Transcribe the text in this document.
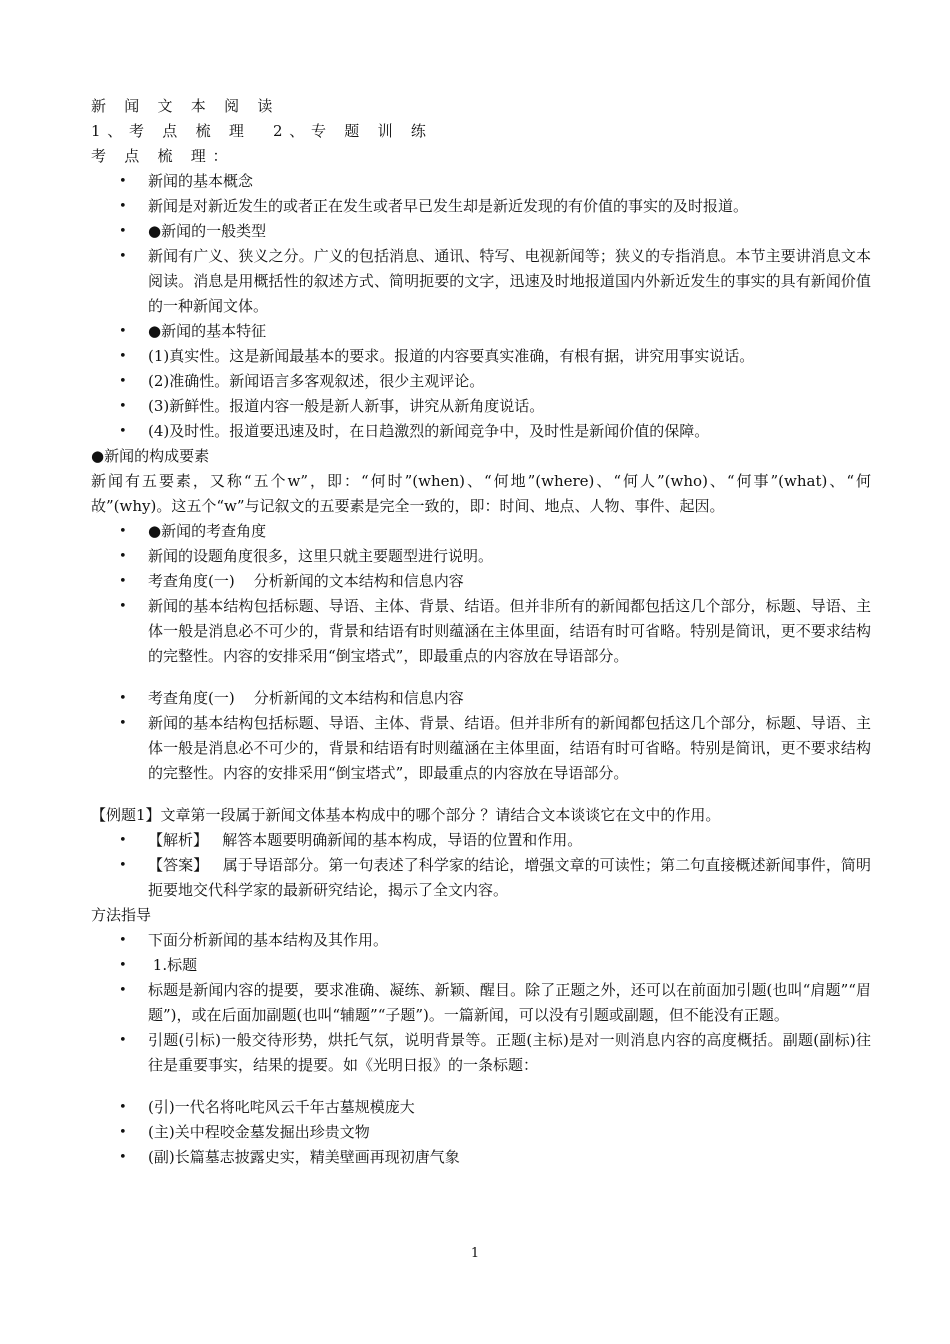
新 闻 文 本 阅 读
1、考 点 梳 理	2、专 题 训 练
考 点 梳 理：
• 新闻的基本概念
• 新闻是对新近发生的或者正在发生或者早已发生却是新近发现的有价值的事实的及时报道。
• ●新闻的一般类型
• 新闻有广义、狭义之分。广义的包括消息、通讯、特写、电视新闻等；狭义的专指消息。本节主要讲消息文本阅读。消息是用概括性的叙述方式、简明扼要的文字，迅速及时地报道国内外新近发生的事实的具有新闻价值的一种新闻文体。
• ●新闻的基本特征
• (1)真实性。这是新闻最基本的要求。报道的内容要真实准确，有根有据，讲究用事实说话。
• (2)准确性。新闻语言多客观叙述，很少主观评论。
• (3)新鲜性。报道内容一般是新人新事，讲究从新角度说话。
• (4)及时性。报道要迅速及时，在日趋激烈的新闻竞争中，及时性是新闻价值的保障。
●新闻的构成要素
新闻有五要素，又称“五个w”，即：“何时”(when)、“何地”(where)、“何人”(who)、“何事”(what)、“何故”(why)。这五个“w”与记叙文的五要素是完全一致的，即：时间、地点、人物、事件、起因。
• ●新闻的考查角度
• 新闻的设题角度很多，这里只就主要题型进行说明。
• 考查角度(一)    分析新闻的文本结构和信息内容
• 新闻的基本结构包括标题、导语、主体、背景、结语。但并非所有的新闻都包括这几个部分，标题、导语、主体一般是消息必不可少的，背景和结语有时则蕴涵在主体里面，结语有时可省略。特别是简讯，更不要求结构的完整性。内容的安排采用“倒宝塔式”，即最重点的内容放在导语部分。
• 考查角度(一)    分析新闻的文本结构和信息内容
• 新闻的基本结构包括标题、导语、主体、背景、结语。但并非所有的新闻都包括这几个部分，标题、导语、主体一般是消息必不可少的，背景和结语有时则蕴涵在主体里面，结语有时可省略。特别是简讯，更不要求结构的完整性。内容的安排采用“倒宝塔式”，即最重点的内容放在导语部分。
【例题1】文章第一段属于新闻文体基本构成中的哪个部分 ？请结合文本谈谈它在文中的作用。
• 【解析】   解答本题要明确新闻的基本构成，导语的位置和作用。
• 【答案】   属于导语部分。第一句表述了科学家的结论，增强文章的可读性；第二句直接概述新闻事件，简明扼要地交代科学家的最新研究结论，揭示了全文内容。
方法指导
• 下面分析新闻的基本结构及其作用。
• 1.标题
• 标题是新闻内容的提要，要求准确、凝练、新颖、醒目。除了正题之外，还可以在前面加引题(也叫“肩题”“眉题”)，或在后面加副题(也叫“辅题”“子题”)。一篇新闻，可以没有引题或副题，但不能没有正题。
• 引题(引标)一般交待形势，烘托气氛，说明背景等。正题(主标)是对一则消息内容的高度概括。副题(副标)往往是重要事实，结果的提要。如《光明日报》的一条标题：
• (引)一代名将叱咤风云千年古墓规模庞大
• (主)关中程咬金墓发掘出珍贵文物
• (副)长篇墓志披露史实，精美壁画再现初唐气象
1
